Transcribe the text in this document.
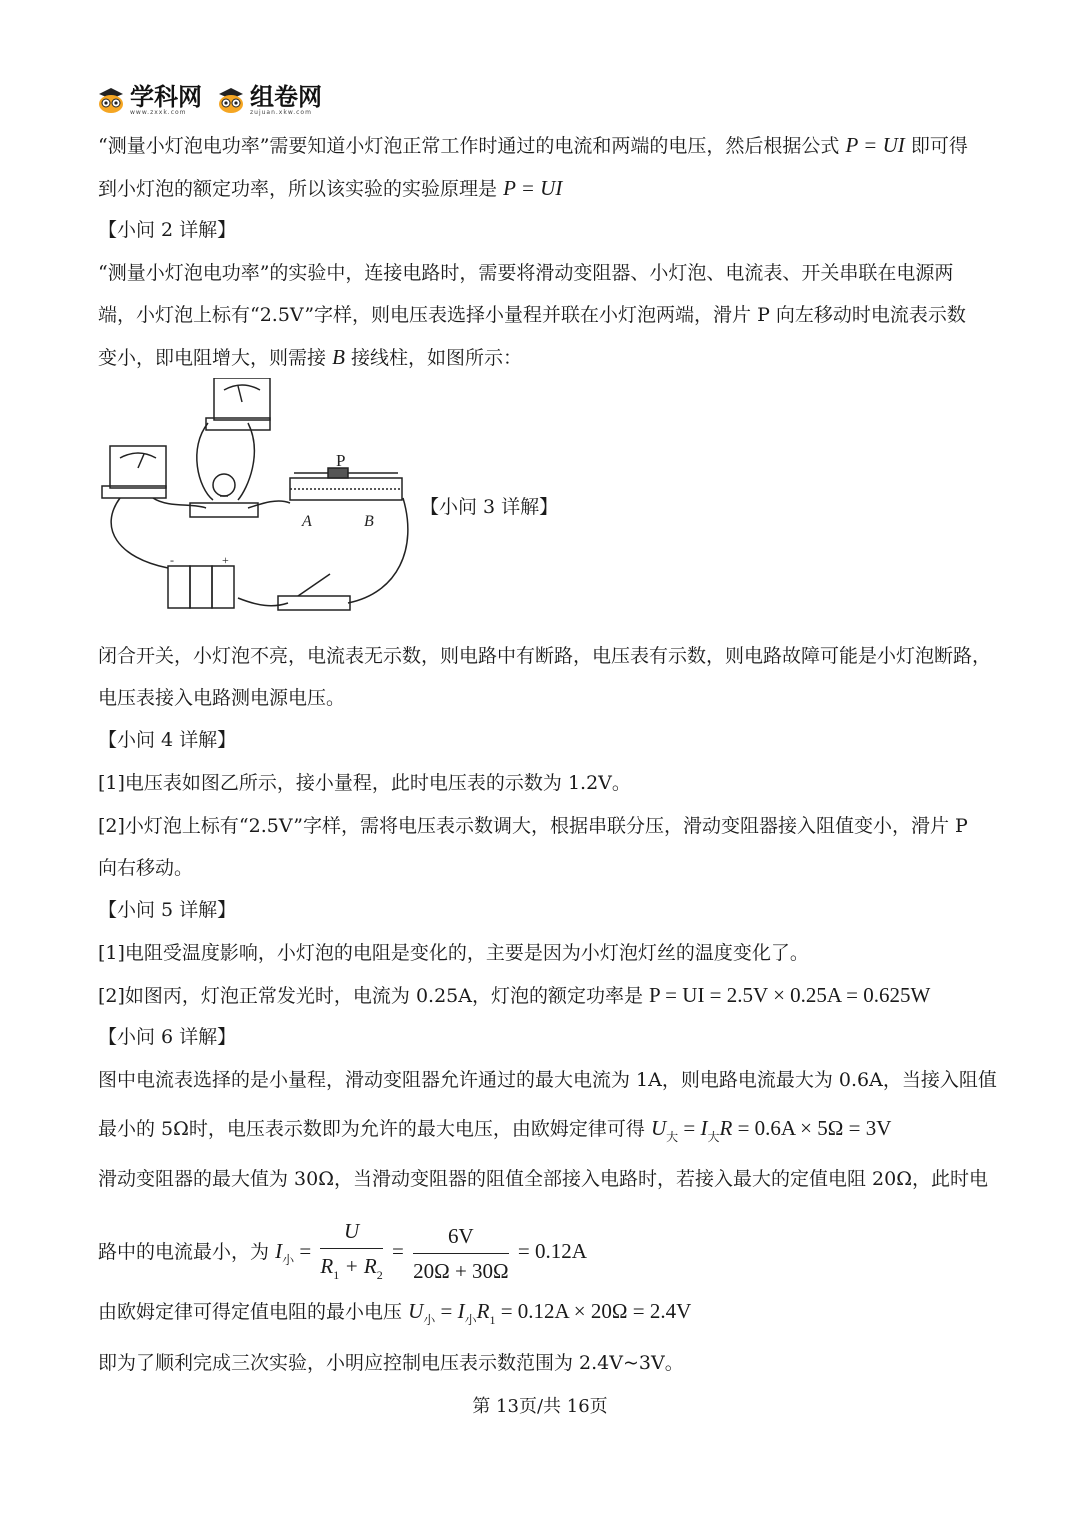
学科网
www.zxxk.com
组卷网
zujuan.xkw.com
“测量小灯泡电功率”需要知道小灯泡正常工作时通过的电流和两端的电压，然后根据公式 P = UI 即可得
到小灯泡的额定功率，所以该实验的实验原理是 P = UI
【小问 2 详解】
“测量小灯泡电功率”的实验中，连接电路时，需要将滑动变阻器、小灯泡、电流表、开关串联在电源两
端，小灯泡上标有“2.5V”字样，则电压表选择小量程并联在小灯泡两端，滑片 P 向左移动时电流表示数
变小，即电阻增大，则需接 B 接线柱，如图所示：
P
A	B
-	+
【小问 3 详解】
闭合开关，小灯泡不亮，电流表无示数，则电路中有断路，电压表有示数，则电路故障可能是小灯泡断路，
电压表接入电路测电源电压。
【小问 4 详解】
[1]电压表如图乙所示，接小量程，此时电压表的示数为 1.2V。
[2]小灯泡上标有“2.5V”字样，需将电压表示数调大，根据串联分压，滑动变阻器接入阻值变小，滑片 P
向右移动。
【小问 5 详解】
[1]电阻受温度影响，小灯泡的电阻是变化的，主要是因为小灯泡灯丝的温度变化了。
[2]如图丙，灯泡正常发光时，电流为 0.25A，灯泡的额定功率是 P = UI = 2.5V × 0.25A = 0.625W
【小问 6 详解】
图中电流表选择的是小量程，滑动变阻器允许通过的最大电流为 1A，则电路电流最大为 0.6A，当接入阻值
最小的 5Ω时，电压表示数即为允许的最大电压，由欧姆定律可得 $U_大 = I_大R = 0.6A \times 5\Omega = 3V$
滑动变阻器的最大值为 30Ω，当滑动变阻器的阻值全部接入电路时，若接入最大的定值电阻 20Ω，此时电
路中的电流最小，为 $I_小 = \frac{U}{R_1 + R_2} = \frac{6V}{20\Omega + 30\Omega} = 0.12A$
由欧姆定律可得定值电阻的最小电压 $U_小 = I_小R_1 = 0.12A \times 20\Omega = 2.4V$
即为了顺利完成三次实验，小明应控制电压表示数范围为 2.4V~3V。
第 13页/共 16页
